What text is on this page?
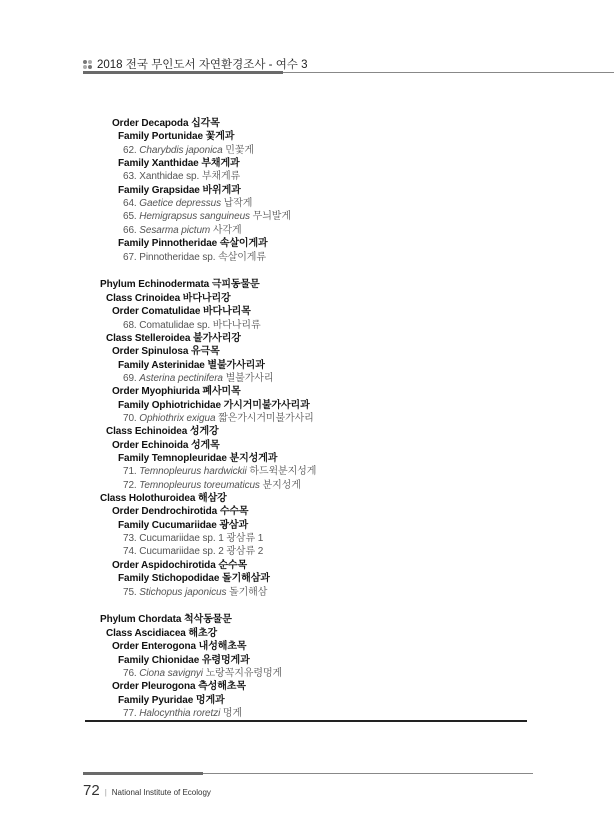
2018 전국 무인도서 자연환경조사 - 여수 3
Order Decapoda 십각목
Family Portunidae 꽃게과
62. Charybdis japonica 민꽃게
Family Xanthidae 부채게과
63. Xanthidae sp. 부채게류
Family Grapsidae 바위게과
64. Gaetice depressus 납작게
65. Hemigrapsus sanguineus 무늬발게
66. Sesarma pictum 사각게
Family Pinnotheridae 속살이게과
67. Pinnotheridae sp. 속살이게류
Phylum Echinodermata 극피동물문
Class Crinoidea 바다나리강
Order Comatulidae 바다나리목
68. Comatulidae sp. 바다나리류
Class Stelleroidea 불가사리강
Order Spinulosa 유극목
Family Asterinidae 별불가사리과
69. Asterina pectinifera 별불가사리
Order Myophiurida 폐사미목
Family Ophiotrichidae 가시거미불가사리과
70. Ophiothrix exigua 짧은가시거미불가사리
Class Echinoidea 성게강
Order Echinoida 성게목
Family Temnopleuridae 분지성게과
71. Temnopleurus hardwickii 하드윅분지성게
72. Temnopleurus toreumaticus 분지성게
Class Holothuroidea 해삼강
Order Dendrochirotida 수수목
Family Cucumariidae 광삼과
73. Cucumariidae sp. 1 광삼류 1
74. Cucumariidae sp. 2 광삼류 2
Order Aspidochirotida 순수목
Family Stichopodidae 돌기해삼과
75. Stichopus japonicus 돌기해삼
Phylum Chordata 척삭동물문
Class Ascidiacea 해초강
Order Enterogona 내성해초목
Family Chionidae 유령멍게과
76. Ciona savignyi 노랑꼭지유령멍게
Order Pleurogona 측성해초목
Family Pyuridae 멍게과
77. Halocynthia roretzi 멍게
72 | National Institute of Ecology
